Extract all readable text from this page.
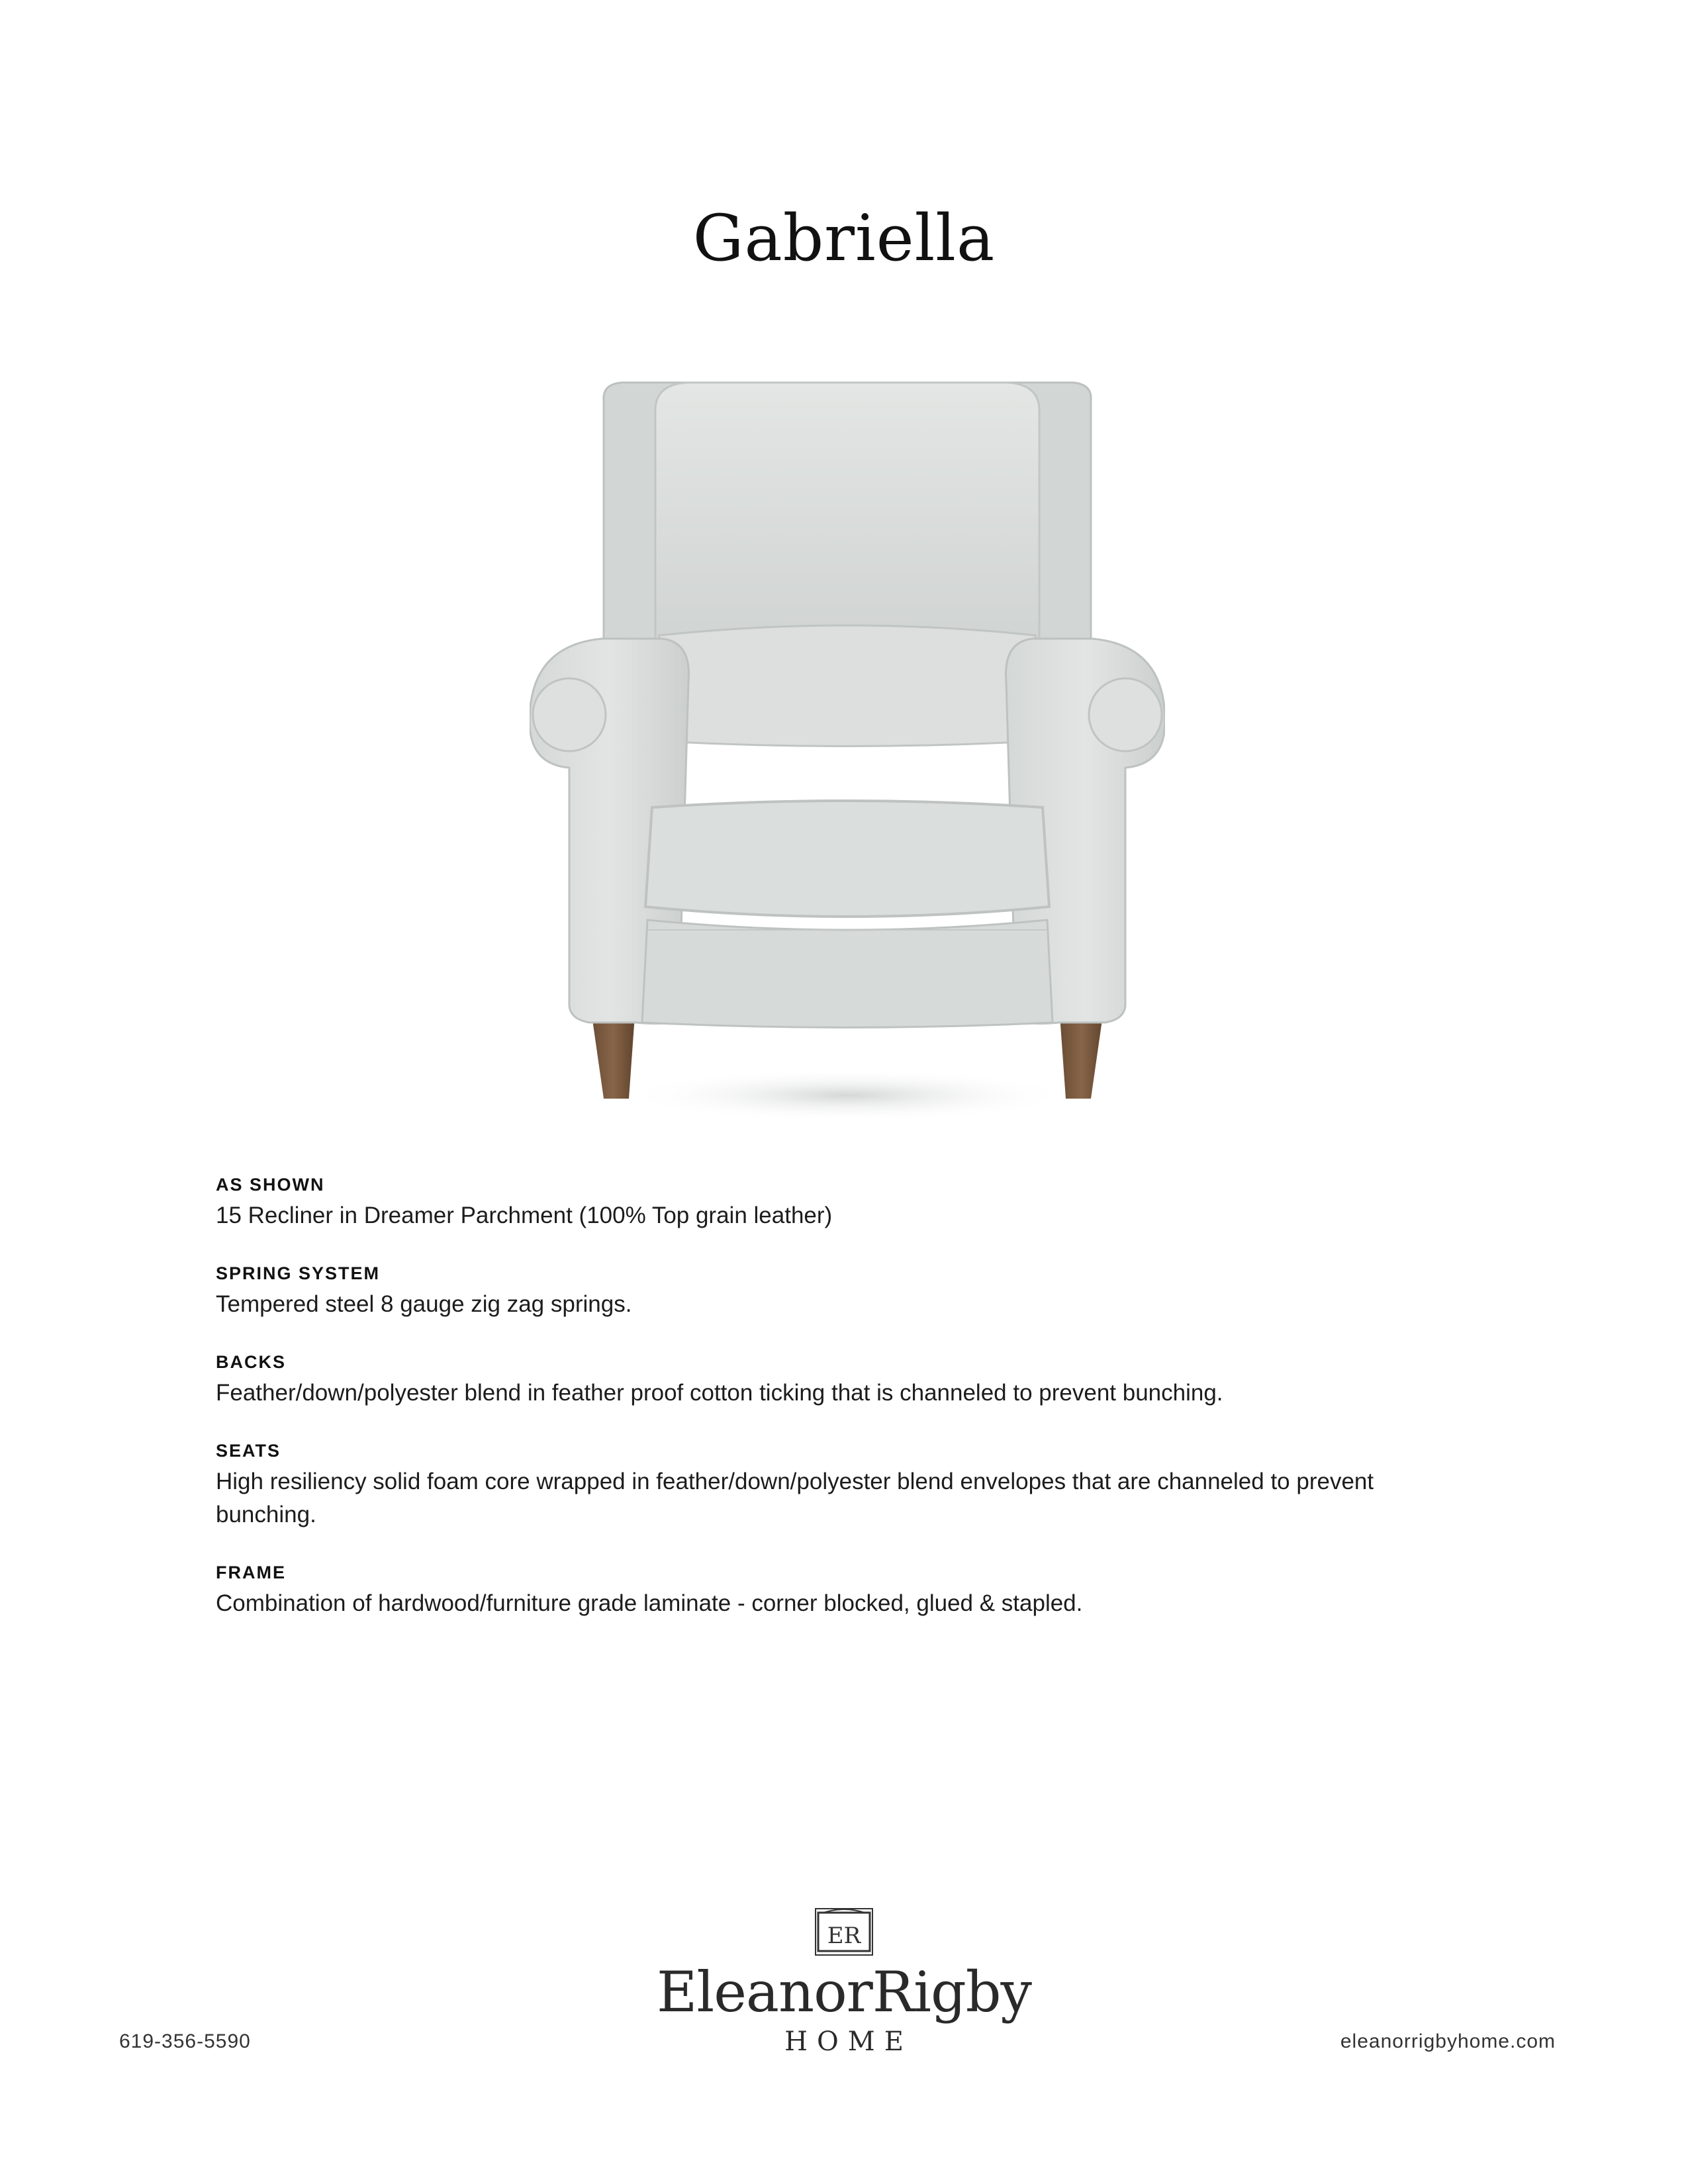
Gabriella
AS SHOWN
15 Recliner in Dreamer Parchment (100% Top grain leather)
SPRING SYSTEM
Tempered steel 8 gauge zig zag springs.
BACKS
Feather/down/polyester blend in feather proof cotton ticking that is channeled to prevent bunching.
SEATS
High resiliency solid foam core wrapped in feather/down/polyester blend envelopes that are channeled to prevent bunching.
FRAME
Combination of hardwood/furniture grade laminate - corner blocked, glued & stapled.
619-356-5590
ER
EleanorRigby
HOME	eleanorrigbyhome.com
